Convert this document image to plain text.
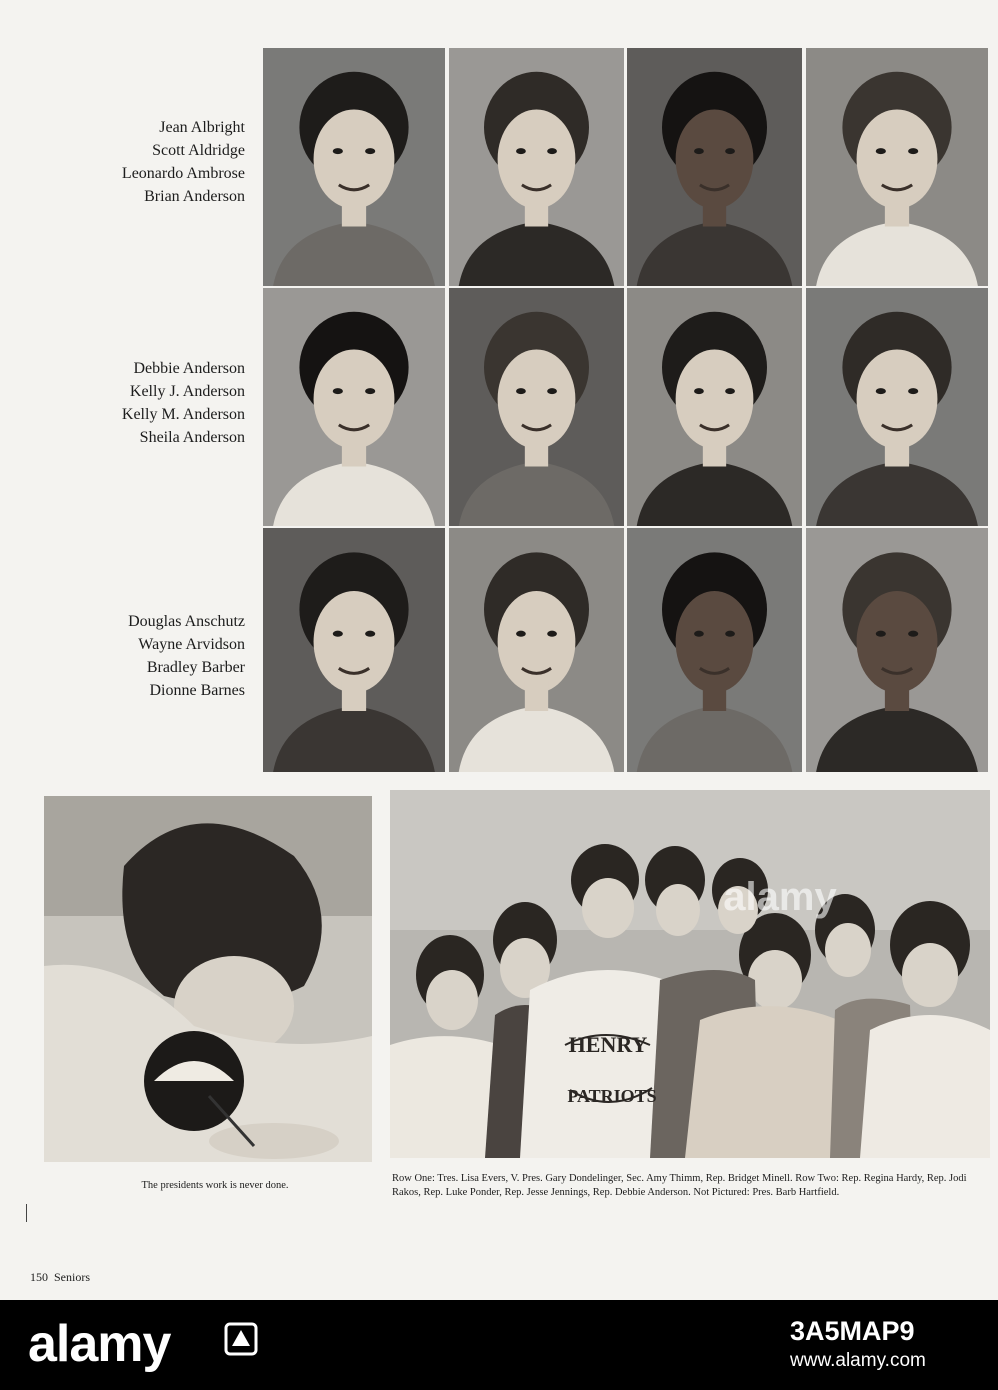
Jean Albright
Scott Aldridge
Leonardo Ambrose
Brian Anderson
Debbie Anderson
Kelly J. Anderson
Kelly M. Anderson
Sheila Anderson
Douglas Anschutz
Wayne Arvidson
Bradley Barber
Dionne Barnes
HENRY
PATRIOTS
alamy
The presidents work is never done.
Row One: Tres. Lisa Evers, V. Pres. Gary Dondelinger, Sec. Amy Thimm, Rep. Bridget Minell. Row Two: Rep. Regina Hardy, Rep. Jodi Rakos, Rep. Luke Ponder, Rep. Jesse Jennings, Rep. Debbie Anderson. Not Pictured: Pres. Barb Hartfield.
150 Seniors
alamy	3A5MAP9
www.alamy.com
